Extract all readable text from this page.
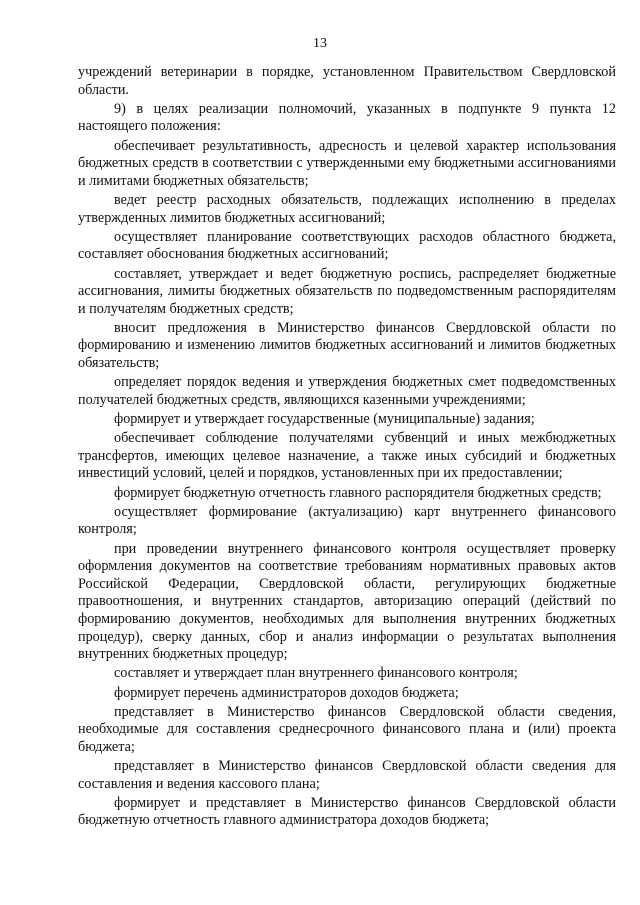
13

учреждений ветеринарии в порядке, установленном Правительством Свердловской области.

9) в целях реализации полномочий, указанных в подпункте 9 пункта 12 настоящего положения:

обеспечивает результативность, адресность и целевой характер использования бюджетных средств в соответствии с утвержденными ему бюджетными ассигнованиями и лимитами бюджетных обязательств;

ведет реестр расходных обязательств, подлежащих исполнению в пределах утвержденных лимитов бюджетных ассигнований;

осуществляет планирование соответствующих расходов областного бюджета, составляет обоснования бюджетных ассигнований;

составляет, утверждает и ведет бюджетную роспись, распределяет бюджетные ассигнования, лимиты бюджетных обязательств по подведомственным распорядителям и получателям бюджетных средств;

вносит предложения в Министерство финансов Свердловской области по формированию и изменению лимитов бюджетных ассигнований и лимитов бюджетных обязательств;

определяет порядок ведения и утверждения бюджетных смет подведомственных получателей бюджетных средств, являющихся казенными учреждениями;

формирует и утверждает государственные (муниципальные) задания;

обеспечивает соблюдение получателями субвенций и иных межбюджетных трансфертов, имеющих целевое назначение, а также иных субсидий и бюджетных инвестиций условий, целей и порядков, установленных при их предоставлении;

формирует бюджетную отчетность главного распорядителя бюджетных средств;

осуществляет формирование (актуализацию) карт внутреннего финансового контроля;

при проведении внутреннего финансового контроля осуществляет проверку оформления документов на соответствие требованиям нормативных правовых актов Российской Федерации, Свердловской области, регулирующих бюджетные правоотношения, и внутренних стандартов, авторизацию операций (действий по формированию документов, необходимых для выполнения внутренних бюджетных процедур), сверку данных, сбор и анализ информации о результатах выполнения внутренних бюджетных процедур;

составляет и утверждает план внутреннего финансового контроля;

формирует перечень администраторов доходов бюджета;

представляет в Министерство финансов Свердловской области сведения, необходимые для составления среднесрочного финансового плана и (или) проекта бюджета;

представляет в Министерство финансов Свердловской области сведения для составления и ведения кассового плана;

формирует и представляет в Министерство финансов Свердловской области бюджетную отчетность главного администратора доходов бюджета;
